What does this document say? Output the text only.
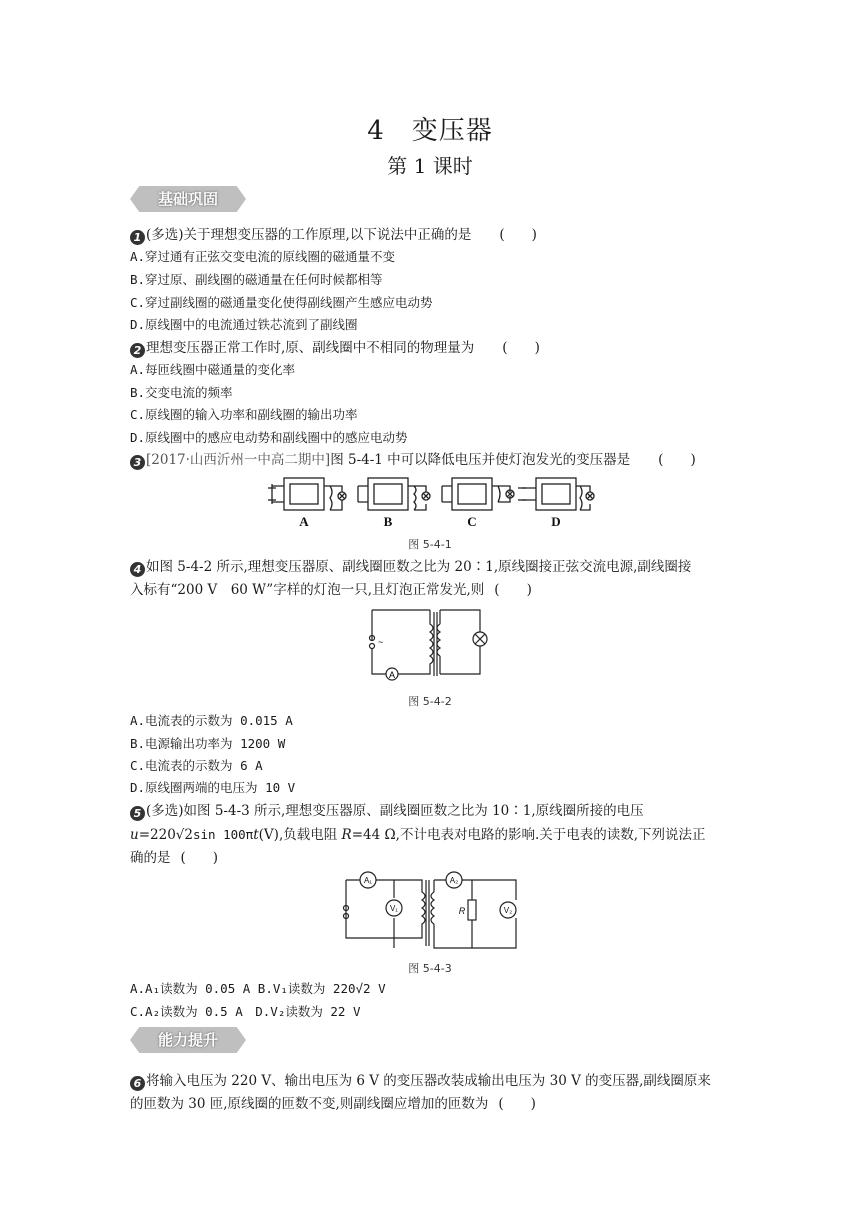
4　变压器
第 1 课时
基础巩固
1 (多选)关于理想变压器的工作原理,以下说法中正确的是 (　　)
A.穿过通有正弦交变电流的原线圈的磁通量不变
B.穿过原、副线圈的磁通量在任何时候都相等
C.穿过副线圈的磁通量变化使得副线圈产生感应电动势
D.原线圈中的电流通过铁芯流到了副线圈
2 理想变压器正常工作时,原、副线圈中不相同的物理量为 (　　)
A.每匝线圈中磁通量的变化率
B.交变电流的频率
C.原线圈的输入功率和副线圈的输出功率
D.原线圈中的感应电动势和副线圈中的感应电动势
3 [2017·山西沂州一中高二期中]图 5-4-1 中可以降低电压并使灯泡发光的变压器是 (　　)
A	B	C	D
图 5-4-1
4 如图 5-4-2 所示,理想变压器原、副线圈匝数之比为 20∶1,原线圈接正弦交流电源,副线圈接
入标有“200 V　60 W”字样的灯泡一只,且灯泡正常发光,则 (　　)
A
~
图 5-4-2
A.电流表的示数为 0.015 A
B.电源输出功率为 1200 W
C.电流表的示数为 6 A
D.原线圈两端的电压为 10 V
5 (多选)如图 5-4-3 所示,理想变压器原、副线圈匝数之比为 10∶1,原线圈所接的电压
u=220√2sin 100πt(V),负载电阻 R=44 Ω,不计电表对电路的影响.关于电表的读数,下列说法正
确的是 (　　)
A₁
V₁
A₂
V₂
R
图 5-4-3
A.A₁读数为 0.05 A B.V₁读数为 220√2 V
C.A₂读数为 0.5 A　D.V₂读数为 22 V
能力提升
6 将输入电压为 220 V、输出电压为 6 V 的变压器改装成输出电压为 30 V 的变压器,副线圈原来
的匝数为 30 匝,原线圈的匝数不变,则副线圈应增加的匝数为 (　　)
